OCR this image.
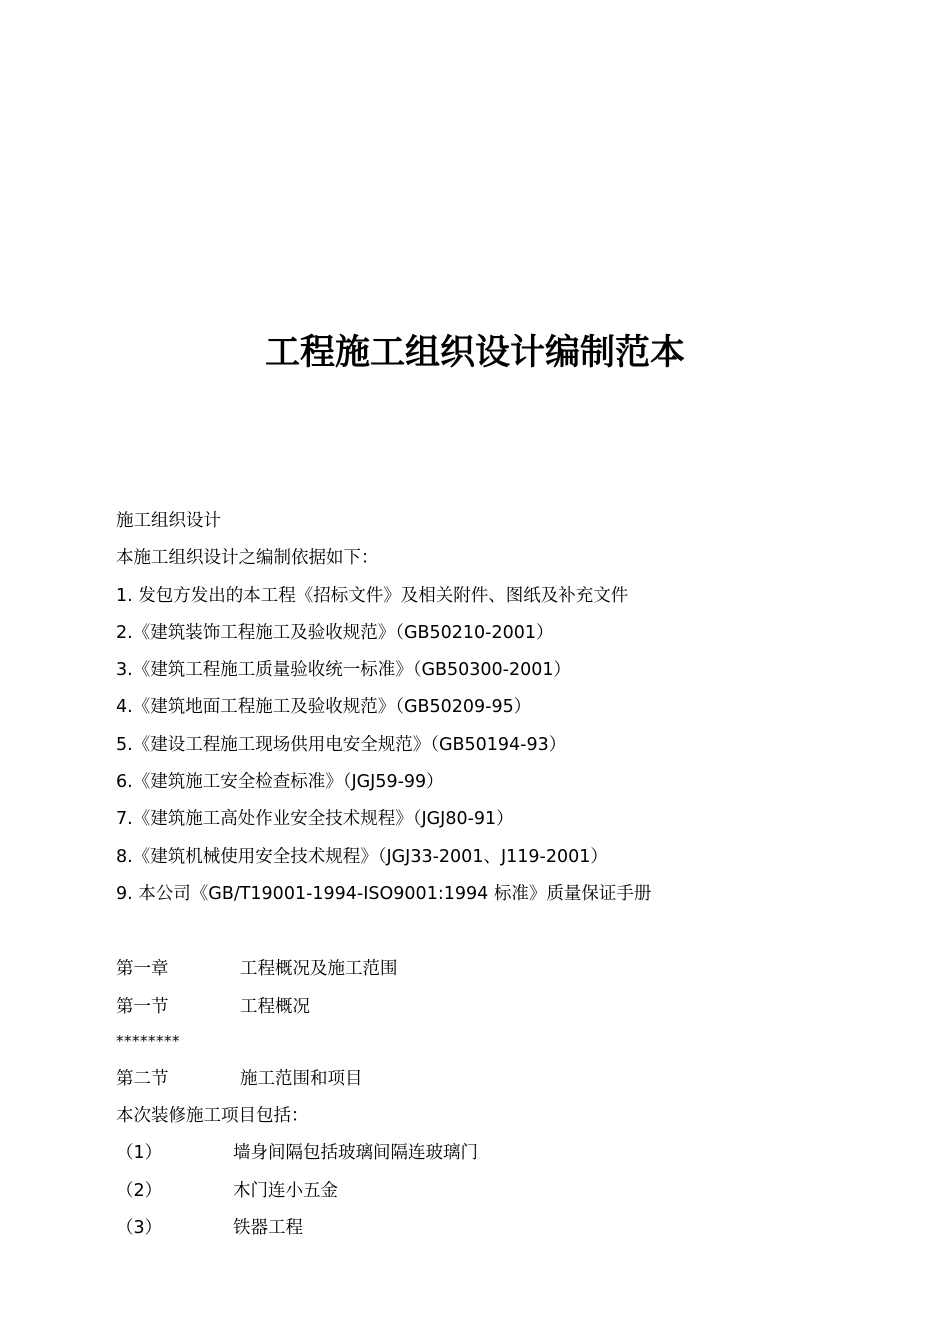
工程施工组织设计编制范本
施工组织设计
本施工组织设计之编制依据如下：
1. 发包方发出的本工程《招标文件》及相关附件、图纸及补充文件
2.《建筑装饰工程施工及验收规范》（GB50210-2001）
3.《建筑工程施工质量验收统一标准》（GB50300-2001）
4.《建筑地面工程施工及验收规范》（GB50209-95）
5.《建设工程施工现场供用电安全规范》（GB50194-93）
6.《建筑施工安全检查标准》（JGJ59-99）
7.《建筑施工高处作业安全技术规程》（JGJ80-91）
8.《建筑机械使用安全技术规程》（JGJ33-2001、J119-2001）
9. 本公司《GB/T19001-1994-ISO9001:1994 标准》质量保证手册
第一章	工程概况及施工范围
第一节	工程概况
********
第二节	施工范围和项目
本次装修施工项目包括：
（1）	墙身间隔包括玻璃间隔连玻璃门
（2）	木门连小五金
（3）	铁器工程
